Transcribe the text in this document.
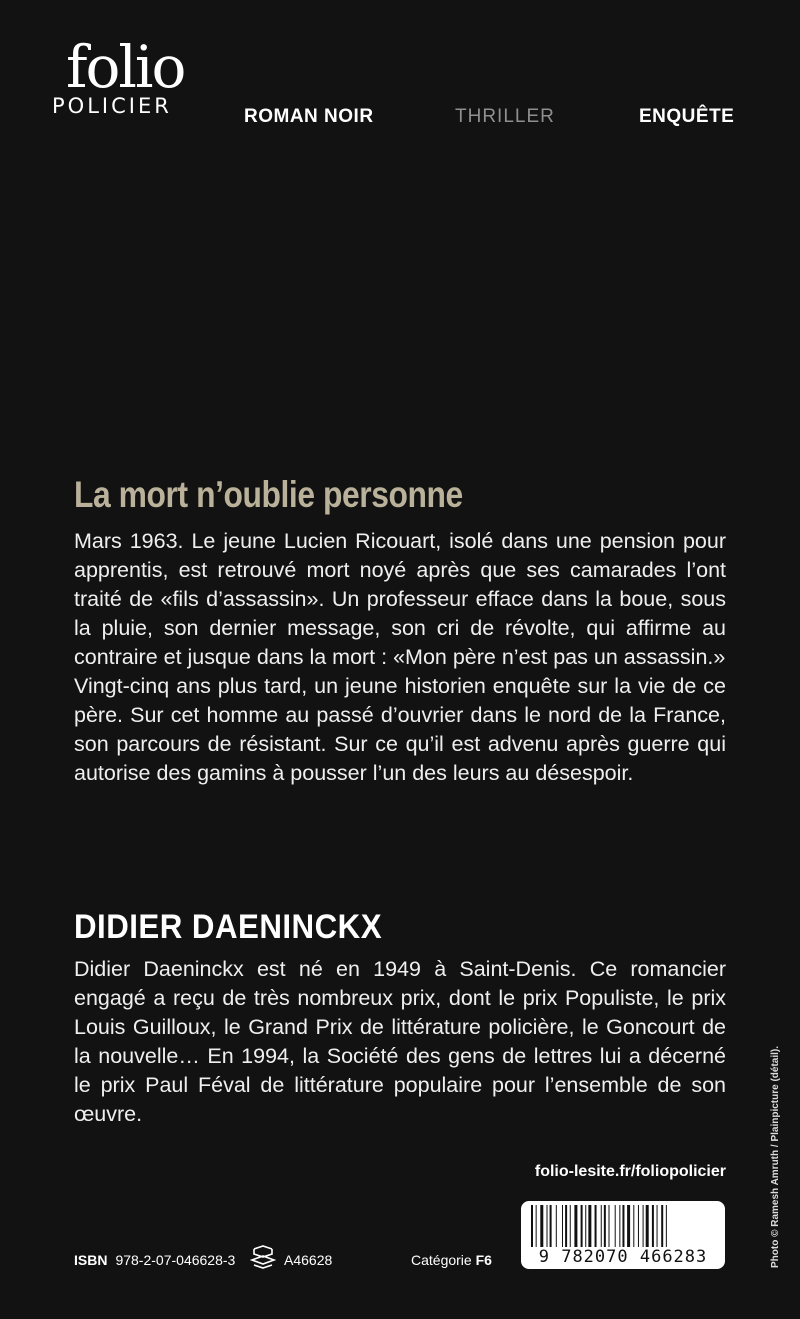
folio
POLICIER	ROMAN NOIR	THRILLER	ENQUÊTE
La mort n’oublie personne

Mars 1963. Le jeune Lucien Ricouart, isolé dans une pension pour apprentis, est retrouvé mort noyé après que ses camarades l’ont traité de «fils d’assassin». Un professeur efface dans la boue, sous la pluie, son dernier message, son cri de révolte, qui affirme au contraire et jusque dans la mort : «Mon père n’est pas un assassin.»

Vingt-cinq ans plus tard, un jeune historien enquête sur la vie de ce père. Sur cet homme au passé d’ouvrier dans le nord de la France, son parcours de résistant. Sur ce qu’il est advenu après guerre qui autorise des gamins à pousser l’un des leurs au désespoir.

DIDIER DAENINCKX

Didier Daeninckx est né en 1949 à Saint-Denis. Ce romancier engagé a reçu de très nombreux prix, dont le prix Populiste, le prix Louis Guilloux, le Grand Prix de littérature policière, le Goncourt de la nouvelle… En 1994, la Société des gens de lettres lui a décerné le prix Paul Féval de littérature populaire pour l’ensemble de son œuvre.

folio-lesite.fr/foliopolicier
ISBN 978-2-07-046628-3	A46628	Catégorie F6	9 782070 466283	Photo © Ramesh Amruth / Plainpicture (détail).
